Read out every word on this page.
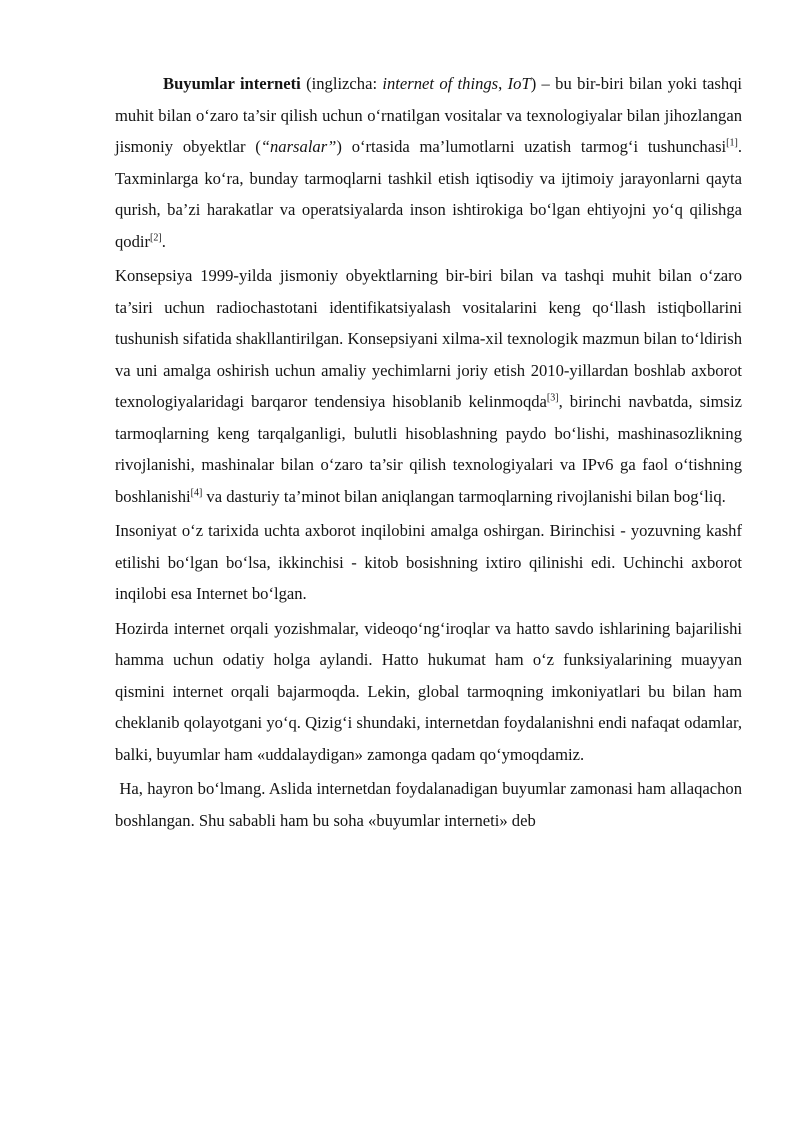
Buyumlar interneti (inglizcha: internet of things, IoT) – bu bir-biri bilan yoki tashqi muhit bilan o‘zaro ta’sir qilish uchun o‘rnatilgan vositalar va texnologiyalar bilan jihozlangan jismoniy obyektlar (“narsalar”) o‘rtasida ma’lumotlarni uzatish tarmog‘i tushunchasi[1]. Taxminlarga ko‘ra, bunday tarmoqlarni tashkil etish iqtisodiy va ijtimoiy jarayonlarni qayta qurish, ba’zi harakatlar va operatsiyalarda inson ishtirokiga bo‘lgan ehtiyojni yo‘q qilishga qodir[2].

Konsepsiya 1999-yilda jismoniy obyektlarning bir-biri bilan va tashqi muhit bilan o‘zaro ta’siri uchun radiochastotani identifikatsiyalash vositalarini keng qo‘llash istiqbollarini tushunish sifatida shakllantirilgan. Konsepsiyani xilma-xil texnologik mazmun bilan to‘ldirish va uni amalga oshirish uchun amaliy yechimlarni joriy etish 2010-yillardan boshlab axborot texnologiyalaridagi barqaror tendensiya hisoblanib kelinmoqda[3], birinchi navbatda, simsiz tarmoqlarning keng tarqalganligi, bulutli hisoblashning paydo bo‘lishi, mashinasozlikning rivojlanishi, mashinalar bilan o‘zaro ta’sir qilish texnologiyalari va IPv6 ga faol o‘tishning boshlanishi[4] va dasturiy ta’minot bilan aniqlangan tarmoqlarning rivojlanishi bilan bog‘liq.

Insoniyat o‘z tarixida uchta axborot inqilobini amalga oshirgan. Birinchisi - yozuvning kashf etilishi bo‘lgan bo‘lsa, ikkinchisi - kitob bosishning ixtiro qilinishi edi. Uchinchi axborot inqilobi esa Internet bo‘lgan.

Hozirda internet orqali yozishmalar, videoqo‘ng‘iroqlar va hatto savdo ishlarining bajarilishi hamma uchun odatiy holga aylandi. Hatto hukumat ham o‘z funksiyalarining muayyan qismini internet orqali bajarmoqda. Lekin, global tarmoqning imkoniyatlari bu bilan ham cheklanib qolayotgani yo‘q. Qizig‘i shundaki, internetdan foydalanishni endi nafaqat odamlar, balki, buyumlar ham «uddalaydigan» zamonga qadam qo‘ymoqdamiz.

Ha, hayron bo‘lmang. Aslida internetdan foydalanadigan buyumlar zamonasi ham allaqachon boshlangan. Shu sababli ham bu soha «buyumlar interneti» deb
